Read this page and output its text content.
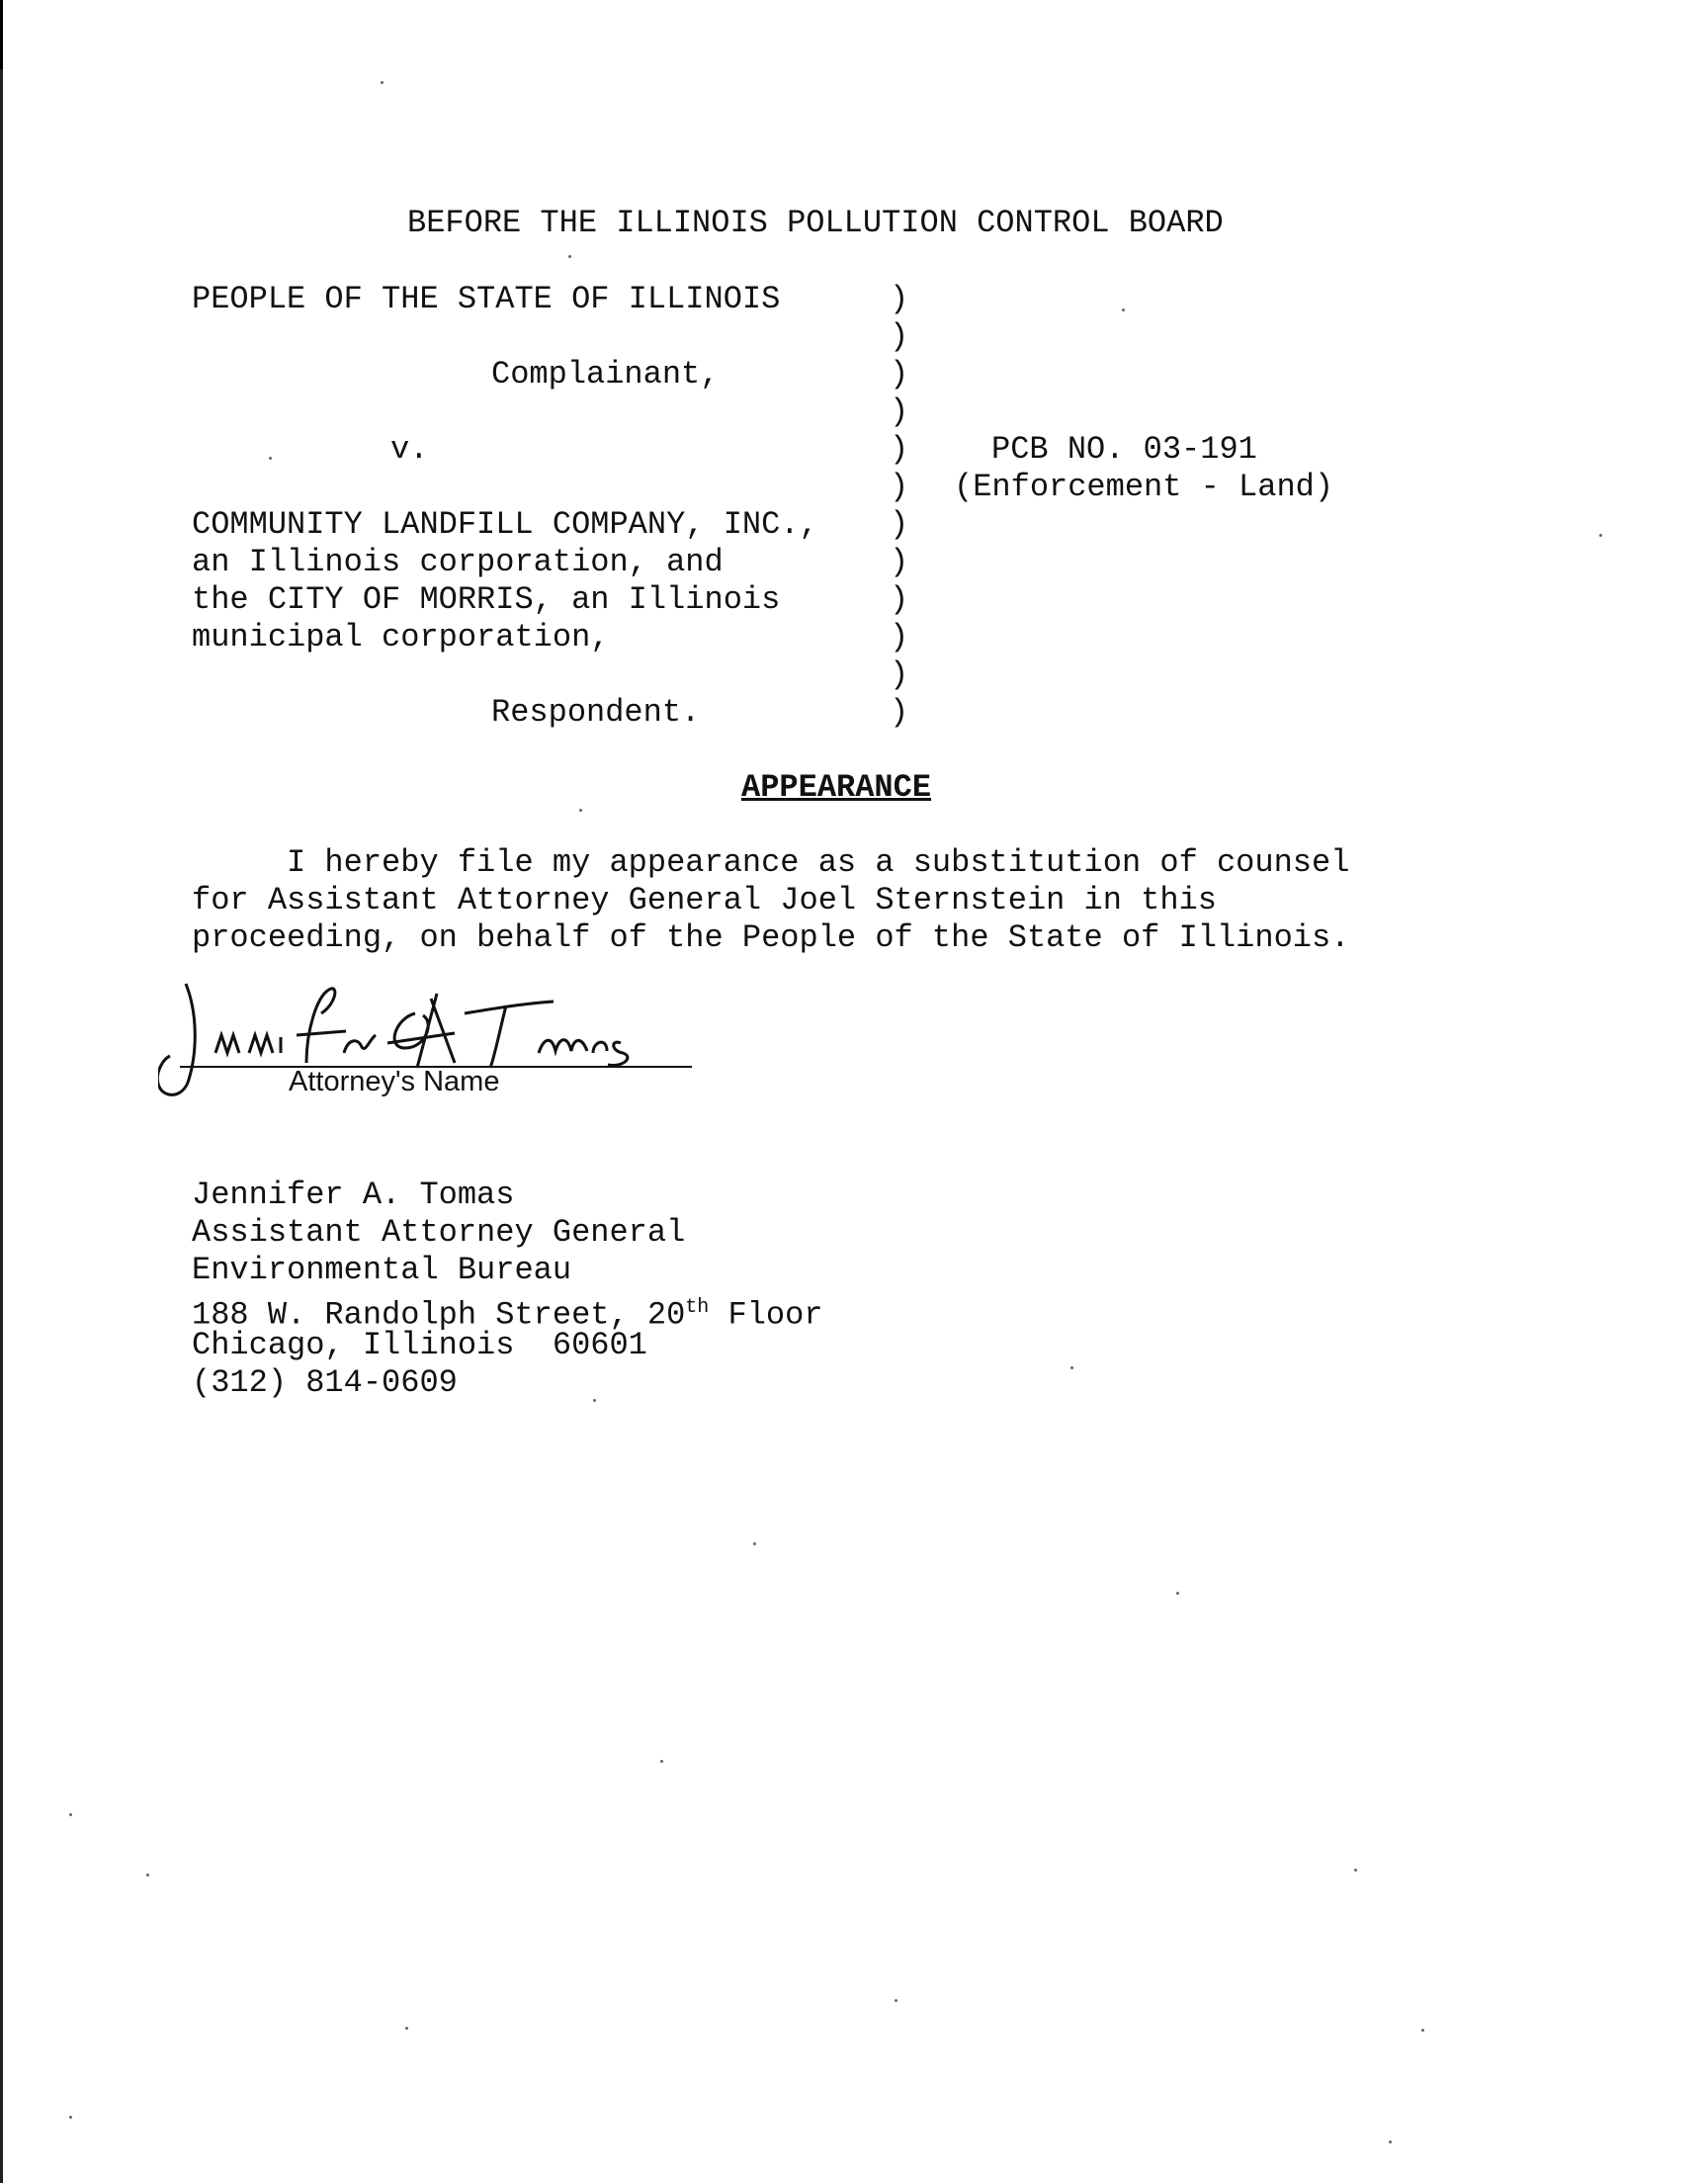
BEFORE THE ILLINOIS POLLUTION CONTROL BOARD
PEOPLE OF THE STATE OF ILLINOIS
Complainant,
v.
COMMUNITY LANDFILL COMPANY, INC.,
an Illinois corporation, and
the CITY OF MORRIS, an Illinois
municipal corporation,
Respondent.
)
)
)
)
)
)
)
)
)
)
)
)
PCB NO. 03-191
(Enforcement - Land)
APPEARANCE
I hereby file my appearance as a substitution of counsel
for Assistant Attorney General Joel Sternstein in this
proceeding, on behalf of the People of the State of Illinois.
Attorney's Name
Jennifer A. Tomas
Assistant Attorney General
Environmental Bureau
188 W. Randolph Street, 20th Floor
Chicago, Illinois  60601
(312) 814-0609
